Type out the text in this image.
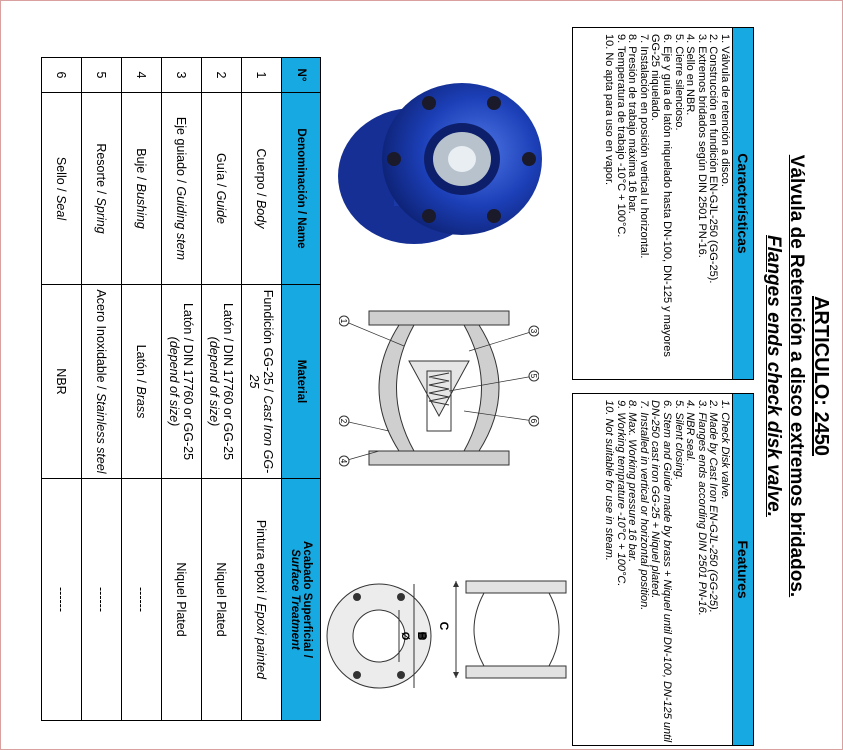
ARTICULO: 2450
Válvula de Retención a disco extremos bridados.
Flanges ends check disk valve.
Características
1. Válvula de retención a disco.
2. Construcción en fundición EN-GJL-250 (GG-25).
3. Extremos bridados según DIN 2501 PN-16.
4. Sello en NBR.
5. Cierre silencioso.
6. Eje y guía de latón niquelado hasta DN-100, DN-125 y mayores GG-25 niquelado.
7. Instalación en posición vertical u horizontal.
8. Presión de trabajo máxima 16 bar.
9. Temperatura de trabajo -10°C + 100°C.
10. No apta para uso en vapor.
Features
1. Check Disk valve.
2. Made by Cast Iron EN-GJL-250 (GG-25).
3. Flanges ends according DIN 2501 PN-16.
4. NBR seal.
5. Silent closing.
6. Stem and Guide made by brass + Niquel until DN-100, DN-125 until DN-250 cast iron GG-25 + Niquel plated.
7. Installed in vertical or horizontal position.
8. Max. Working pressure 16 bar.
9. Working temprature -10°C + 100°C.
10. Not suitable for use in steam.
3
5
6
1
2
4
C
B
Ø
N°	Denominación / Name	Material	Acabado Superficial /
Surface Treatment
1	Cuerpo / Body	Fundición GG-25 / Cast Iron GG-25	Pintura epoxi / Epoxi painted
2	Guía / Guide	Latón / DIN 17760 or GG-25 (depend of size)	Niquel Plated
3	Eje guiado / Guiding stem	Latón / DIN 17760 or GG-25 (depend of size)	Niquel Plated
4	Buje / Bushing	Latón / Brass	------
5	Resorte / Spring	Acero Inoxidable / Stainless steel	------
6	Sello / Seal	NBR	------
